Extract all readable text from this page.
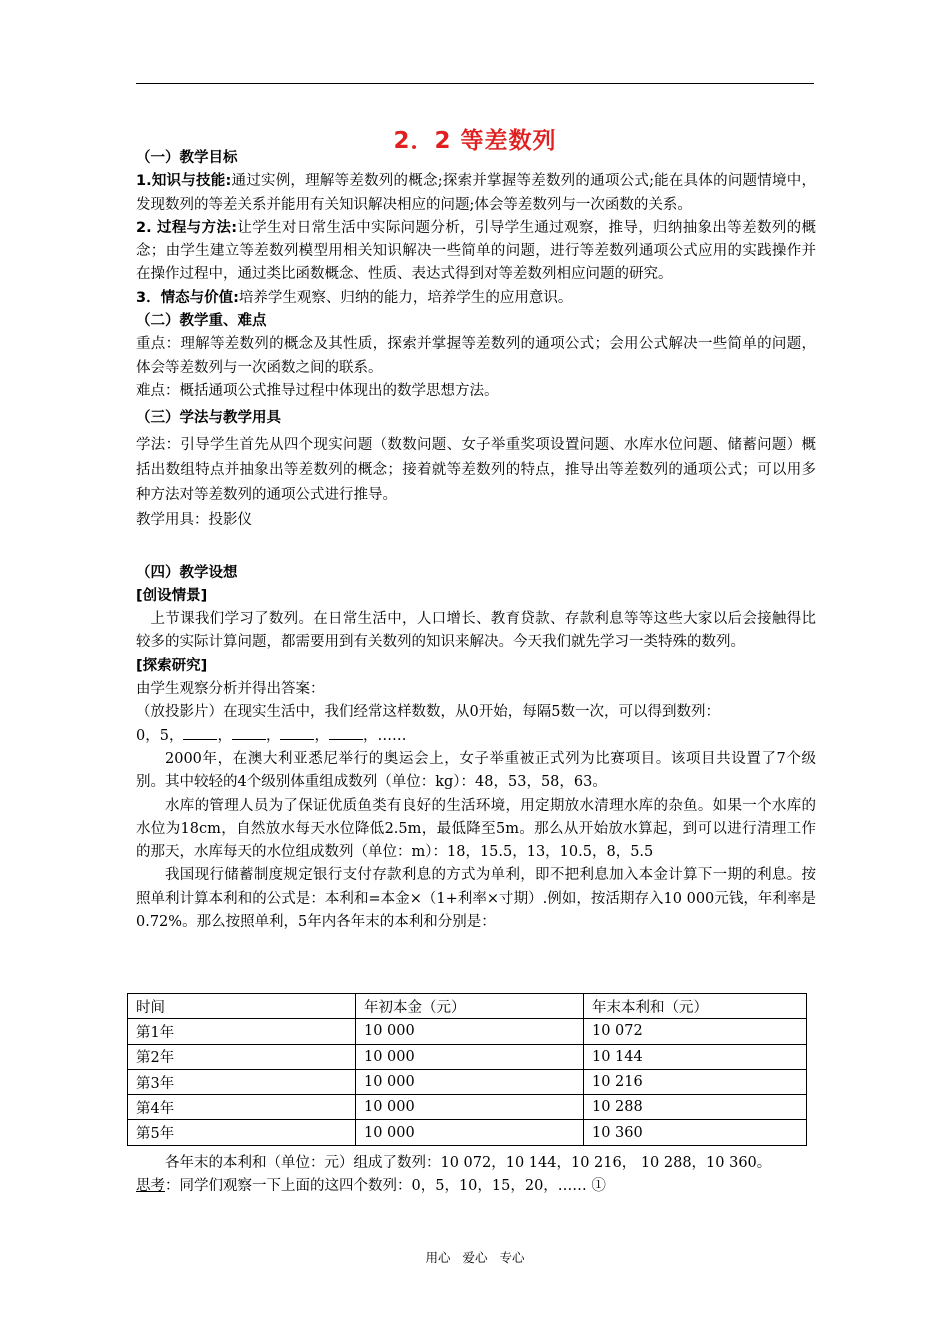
2．2 等差数列

（一）教学目标

1.知识与技能:通过实例，理解等差数列的概念;探索并掌握等差数列的通项公式;能在具体的问题情境中，发现数列的等差关系并能用有关知识解决相应的问题;体会等差数列与一次函数的关系。

2. 过程与方法:让学生对日常生活中实际问题分析，引导学生通过观察，推导，归纳抽象出等差数列的概念；由学生建立等差数列模型用相关知识解决一些简单的问题，进行等差数列通项公式应用的实践操作并在操作过程中，通过类比函数概念、性质、表达式得到对等差数列相应问题的研究。

3．情态与价值:培养学生观察、归纳的能力，培养学生的应用意识。

（二）教学重、难点

重点：理解等差数列的概念及其性质，探索并掌握等差数列的通项公式；会用公式解决一些简单的问题，体会等差数列与一次函数之间的联系。

难点：概括通项公式推导过程中体现出的数学思想方法。

（三）学法与教学用具

学法：引导学生首先从四个现实问题（数数问题、女子举重奖项设置问题、水库水位问题、储蓄问题）概括出数组特点并抽象出等差数列的概念；接着就等差数列的特点，推导出等差数列的通项公式；可以用多种方法对等差数列的通项公式进行推导。

教学用具：投影仪

（四）教学设想

[创设情景]

上节课我们学习了数列。在日常生活中，人口增长、教育贷款、存款利息等等这些大家以后会接触得比较多的实际计算问题，都需要用到有关数列的知识来解决。今天我们就先学习一类特殊的数列。

[探索研究]

由学生观察分析并得出答案：

（放投影片）在现实生活中，我们经常这样数数，从0开始，每隔5数一次，可以得到数列：

0，5， ， ， ， ，……

2000年，在澳大利亚悉尼举行的奥运会上，女子举重被正式列为比赛项目。该项目共设置了7个级别。其中较轻的4个级别体重组成数列（单位：kg）：48，53，58，63。

水库的管理人员为了保证优质鱼类有良好的生活环境，用定期放水清理水库的杂鱼。如果一个水库的水位为18cm，自然放水每天水位降低2.5m，最低降至5m。那么从开始放水算起，到可以进行清理工作的那天，水库每天的水位组成数列（单位：m）：18，15.5，13，10.5，8，5.5

我国现行储蓄制度规定银行支付存款利息的方式为单利，即不把利息加入本金计算下一期的利息。按照单利计算本利和的公式是：本利和=本金×（1+利率×寸期）.例如，按活期存入10 000元钱，年利率是0.72%。那么按照单利，5年内各年末的本利和分别是：

时间	年初本金（元）	年末本利和（元）
第1年	10 000	10 072
第2年	10 000	10 144
第3年	10 000	10 216
第4年	10 000	10 288
第5年	10 000	10 360

各年末的本利和（单位：元）组成了数列：10 072，10 144，10 216， 10 288，10 360。

思考：同学们观察一下上面的这四个数列：0，5，10，15，20，…… ①

用心 爱心 专心
